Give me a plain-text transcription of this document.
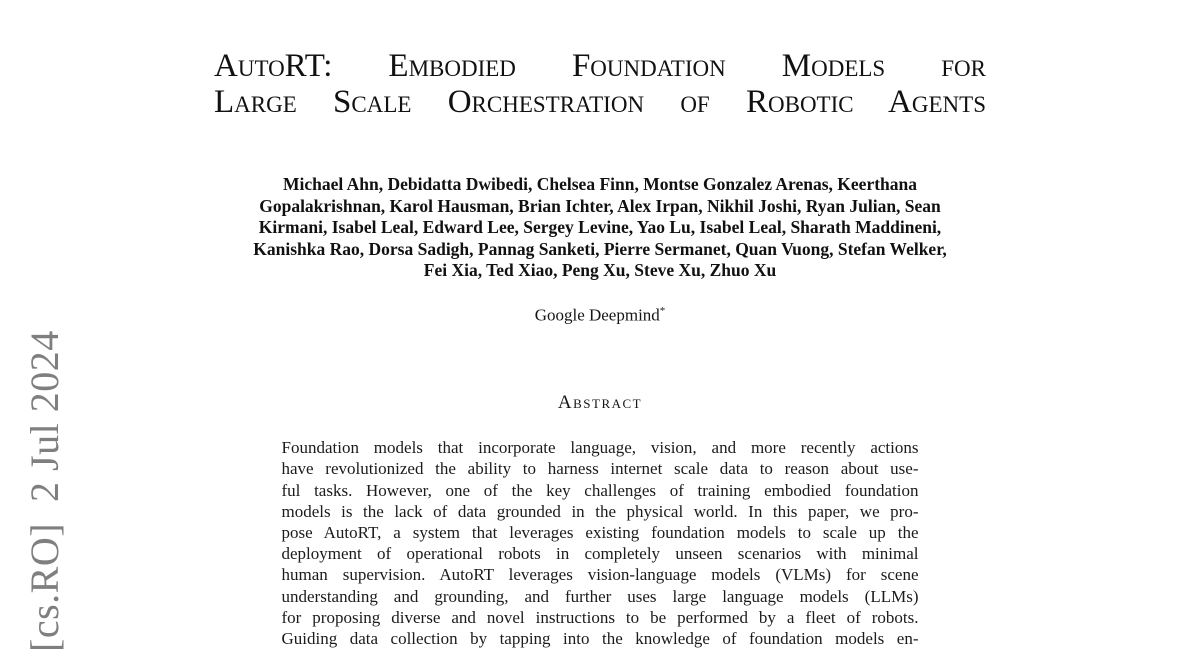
[cs.RO]  2 Jul 2024
AutoRT: Embodied Foundation Models for
Large Scale Orchestration of Robotic Agents
Michael Ahn, Debidatta Dwibedi, Chelsea Finn, Montse Gonzalez Arenas, Keerthana
Gopalakrishnan, Karol Hausman, Brian Ichter, Alex Irpan, Nikhil Joshi, Ryan Julian, Sean
Kirmani, Isabel Leal, Edward Lee, Sergey Levine, Yao Lu, Isabel Leal, Sharath Maddineni,
Kanishka Rao, Dorsa Sadigh, Pannag Sanketi, Pierre Sermanet, Quan Vuong, Stefan Welker,
Fei Xia, Ted Xiao, Peng Xu, Steve Xu, Zhuo Xu
Google Deepmind*
Abstract
Foundation models that incorporate language, vision, and more recently actions
have revolutionized the ability to harness internet scale data to reason about use-
ful tasks. However, one of the key challenges of training embodied foundation
models is the lack of data grounded in the physical world. In this paper, we pro-
pose AutoRT, a system that leverages existing foundation models to scale up the
deployment of operational robots in completely unseen scenarios with minimal
human supervision. AutoRT leverages vision-language models (VLMs) for scene
understanding and grounding, and further uses large language models (LLMs)
for proposing diverse and novel instructions to be performed by a fleet of robots.
Guiding data collection by tapping into the knowledge of foundation models en-
